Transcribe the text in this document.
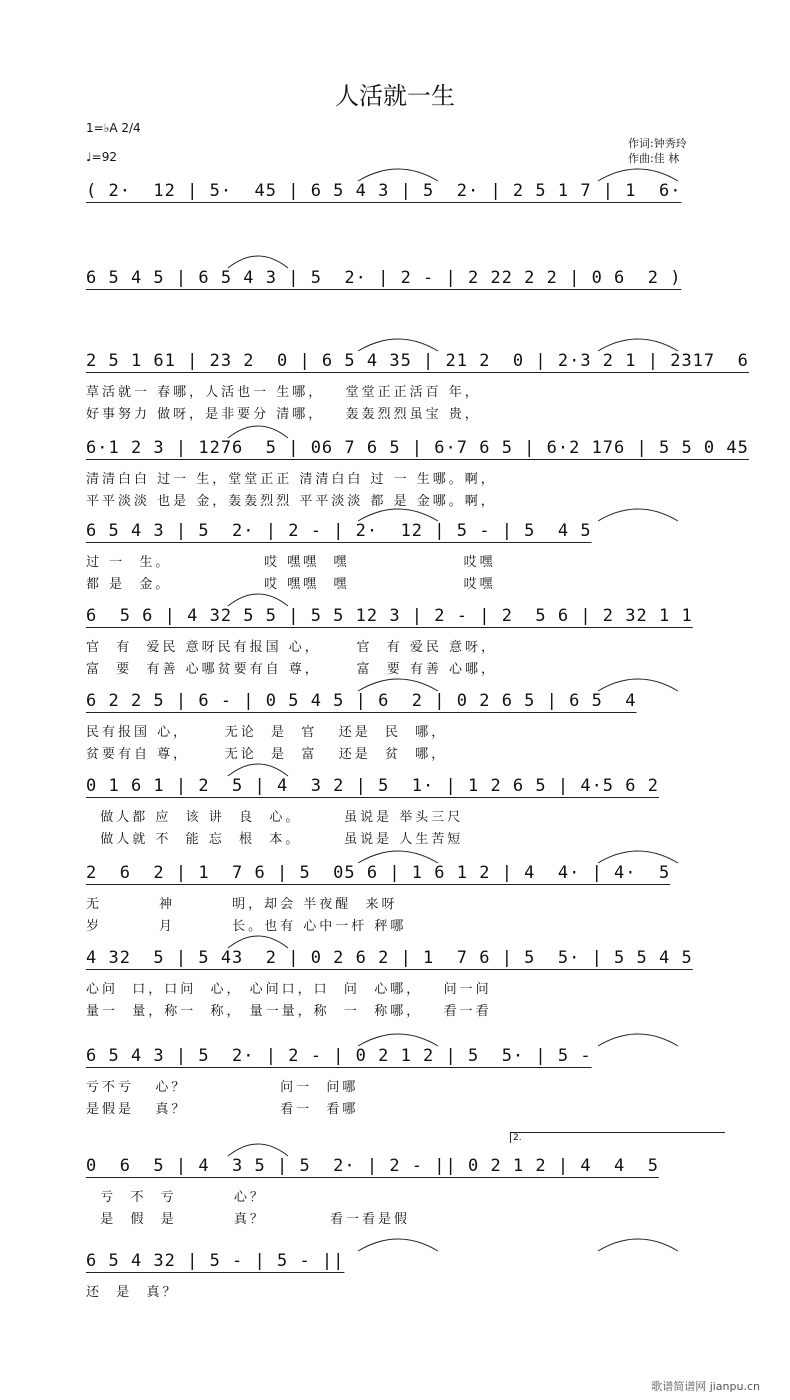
人活就一生
1=♭A 2/4
♩=92
作词:钟秀玲
作曲:佳 林
( 2·  12 | 5·  45 | 6 5 4 3 | 5  2· | 2 5 1 7 | 1  6·
6 5 4 5 | 6 5 4 3 | 5  2· | 2 - | 2 22 2 2 | 0 6  2 )
2 5 1 61 | 23 2  0 | 6 5 4 35 | 21 2  0 | 2·3 2 1 | 2317  6
草活就一 春哪，人活也一 生哪，   堂堂正正活百 年，
好事努力 做呀，是非要分 清哪，   轰轰烈烈虽宝 贵，
6·1 2 3 | 1276  5 | 06 7 6 5 | 6·7 6 5 | 6·2 176 | 5 5 0 45
清清白白 过一 生，堂堂正正 清清白白 过 一 生哪。啊，
平平淡淡 也是 金，轰轰烈烈 平平淡淡 都 是 金哪。啊，
6 5 4 3 | 5  2· | 2 - | 2·  12 | 5 - | 5  4 5
过 一  生。             哎 嘿嘿  嘿                哎嘿
都 是  金。             哎 嘿嘿  嘿                哎嘿
6  5 6 | 4 32 5 5 | 5 5 12 3 | 2 - | 2  5 6 | 2 32 1 1
官  有  爱民 意呀民有报国 心，     官  有 爱民 意呀，
富  要  有善 心哪贫要有自 尊，     富  要 有善 心哪，
6 2 2 5 | 6 - | 0 5 4 5 | 6  2 | 0 2 6 5 | 6 5  4
民有报国 心，     无论  是  官   还是  民  哪，
贫要有自 尊，     无论  是  富   还是  贫  哪，
0 1 6 1 | 2  5 | 4  3 2 | 5  1· | 1 2 6 5 | 4·5 6 2
做人都 应  该 讲  良  心。      虽说是 举头三尺
做人就 不  能 忘  根  本。      虽说是 人生苦短
2  6  2 | 1  7 6 | 5  05 6 | 1 6 1 2 | 4  4· | 4·  5
无        神        明，却会 半夜醒  来呀
岁        月        长。也有 心中一杆 秤哪
4 32  5 | 5 43  2 | 0 2 6 2 | 1  7 6 | 5  5· | 5 5 4 5
心问  口，口问  心， 心问口，口  问  心哪，   问一问
量一  量，称一  称， 量一量，称  一  称哪，   看一看
6 5 4 3 | 5  2· | 2 - | 0 2 1 2 | 5  5· | 5 -
亏不亏   心？             问一  问哪
是假是   真？             看一  看哪
0  6  5 | 4  3 5 | 5  2· | 2 - || 0 2 1 2 | 4  4  5
亏  不  亏        心？
是  假  是        真？         看一看是假
6 5 4 32 | 5 - | 5 - ||
还  是  真？
歌谱简谱网 jianpu.cn
2.
